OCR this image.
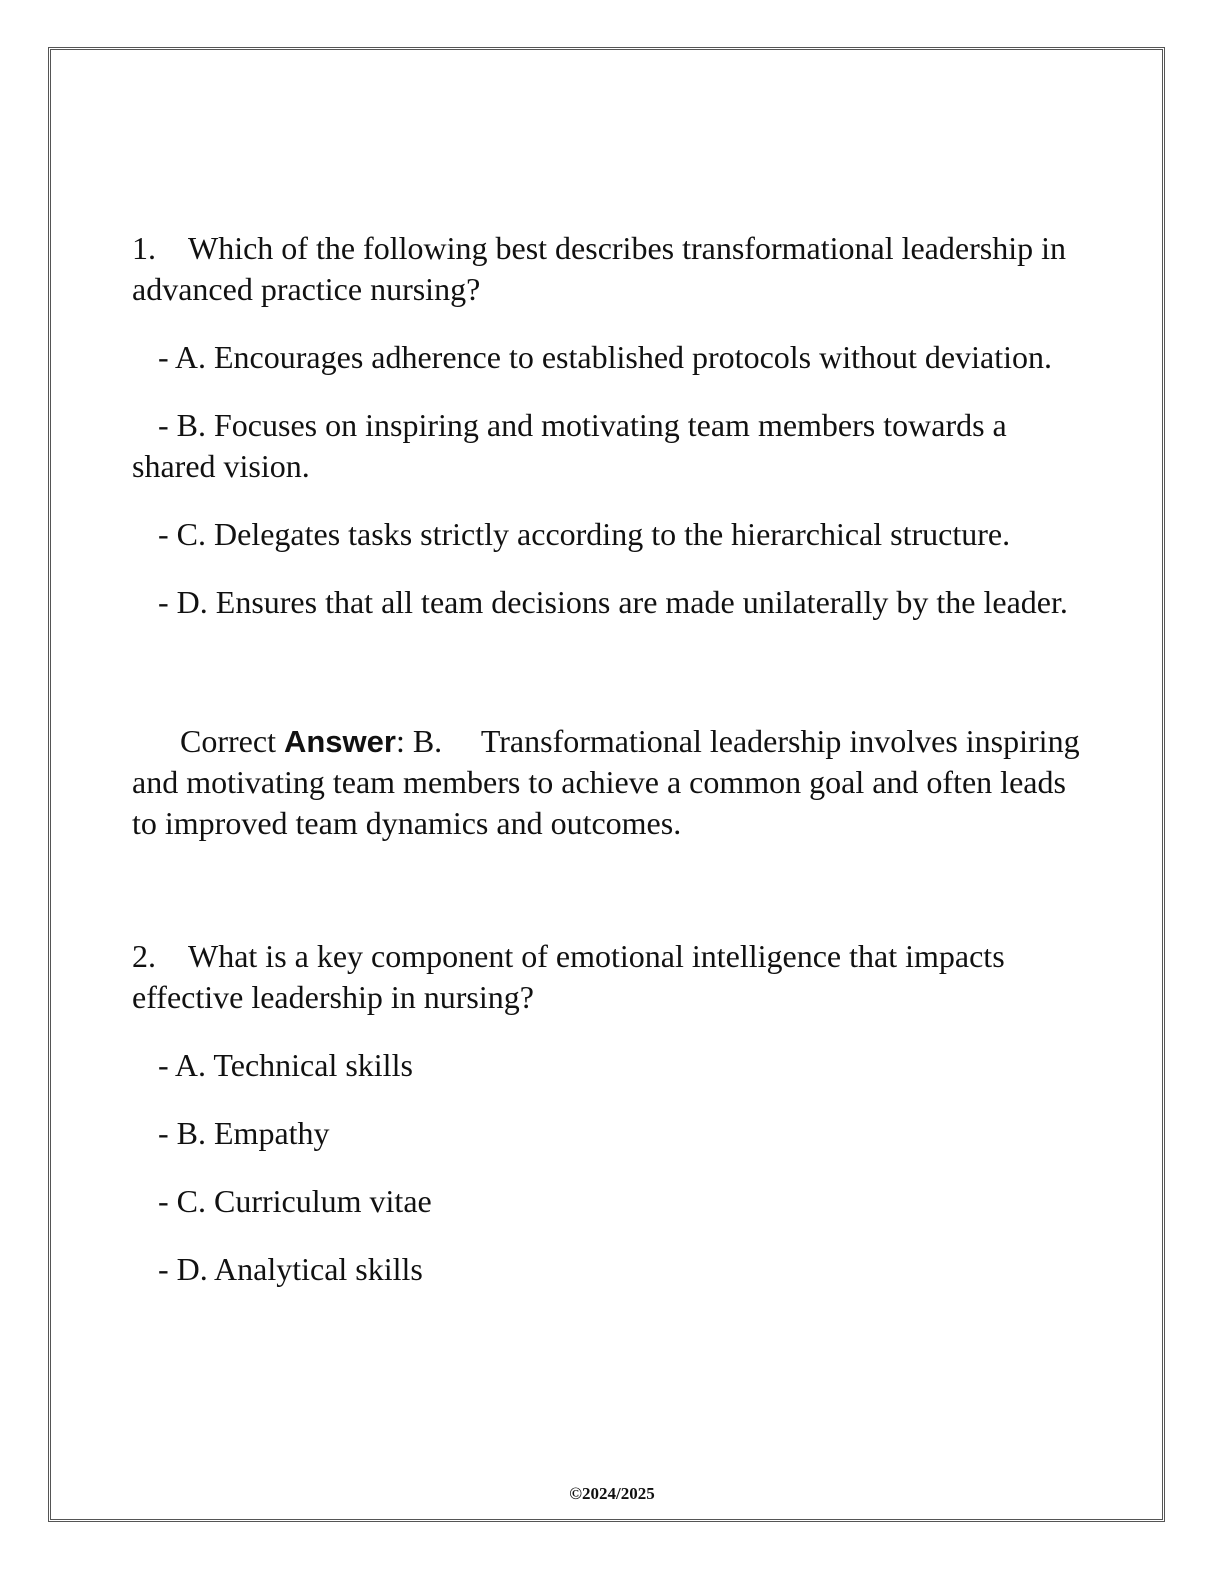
1. Which of the following best describes transformational leadership in advanced practice nursing?

- A. Encourages adherence to established protocols without deviation.

- B. Focuses on inspiring and motivating team members towards a shared vision.

- C. Delegates tasks strictly according to the hierarchical structure.

- D. Ensures that all team decisions are made unilaterally by the leader.

Correct Answer: B. Transformational leadership involves inspiring and motivating team members to achieve a common goal and often leads to improved team dynamics and outcomes.

2. What is a key component of emotional intelligence that impacts effective leadership in nursing?

- A. Technical skills

- B. Empathy

- C. Curriculum vitae

- D. Analytical skills

©2024/2025
